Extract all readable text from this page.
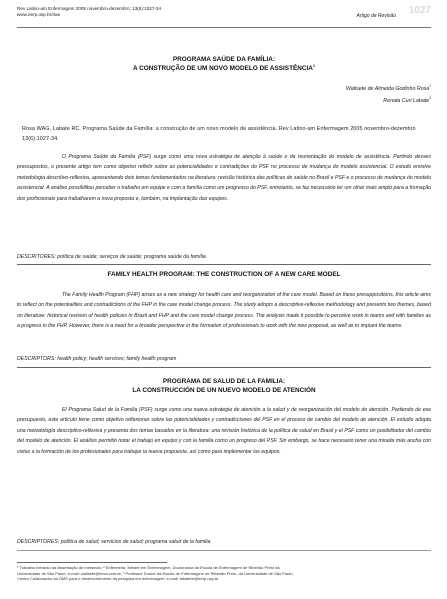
Rev Latino-am Enfermagem 2005 novembro-dezembro; 13(6):1027-34
www.eerp.usp.br/rlae	Artigo de Revisão 1027
PROGRAMA SAÚDE DA FAMÍLIA:
A CONSTRUÇÃO DE UM NOVO MODELO DE ASSISTÊNCIA$^1$
Walisete de Almeida Godinho Rosa$^2$
Renata Curi Labate$^3$
Rosa WAG, Labate RC. Programa Saúde da Família: a construção de um novo modelo de assistência. Rev Latino-am Enfermagem 2005 novembro-dezembro 13(6):1027-34.
O Programa Saúde da Família (PSF) surge como uma nova estratégia de atenção à saúde e de reorientação do modelo de assistência. Partindo desses pressupostos, o presente artigo tem como objetivo refletir sobre as potencialidades e contradições do PSF no processo de mudança do modelo assistencial. O estudo envolve metodologia descritivo-reflexiva, apresentando dois temas fundamentados na literatura: revisão histórica das políticas de saúde no Brasil e PSF e o processo de mudança do modelo assistencial. A análise possibilitou perceber o trabalho em equipe e com a família como um progresso do PSF, entretanto, se faz necessário ter um olhar mais amplo para a formação dos profissionais para trabalharem a nova proposta e, também, na implantação das equipes.
DESCRITORES: política de saúde; serviços de saúde; programa saúde da família
FAMILY HEALTH PROGRAM: THE CONSTRUCTION OF A NEW CARE MODEL
The Family Health Program (FHP) arises as a new strategy for health care and reorganization of the care model. Based on these presuppositions, this article aims to reflect on the potentialities and contradictions of the FHP in the care model change process. The study adopts a descriptive-reflexive methodology and presents two themes, based on literature: historical revision of health policies in Brazil and FHP and the care model change process. The analysis made it possible to perceive work in teams and with families as a progress in the FHP. However, there is a need for a broader perspective in the formation of professionals to work with the new proposal, as well as to implant the teams.
DESCRIPTORS: health policy; health services; family health program
PROGRAMA DE SALUD DE LA FAMILIA:
LA CONSTRUCCIÓN DE UN NUEVO MODELO DE ATENCIÓN
El Programa Salud de la Familia (PSF) surge como una nueva estrategia de atención a la salud y de reorganización del modelo de atención. Partiendo de ese presupuesto, este artículo tiene como objetivo reflexionar sobre las potencialidades y contradicciones del PSF en el proceso de cambio del modelo de atención. El estudio adopta una metodología descriptivo-reflexiva y presenta dos temas basados en la literatura: una revisión histórica de la política de salud en Brasil y el PSF como un posibilitador del cambio del modelo de atención. El análisis permitió notar el trabajo en equipo y con la familia como un progreso del PSF. Sin embargo, se hace necesario tener una mirada más ancha con vistas a la formación de los profesionales para trabajar la nueva propuesta, así como para implementar los equipos.
DESCRIPTORES: política de salud; servicios de salud; programa salud de la familia
¹ Trabalho extraído da dissertação de mestrado; ² Enfermeira, Mestre em Enfermagem, Doutoranda da Escola de Enfermagem de Ribeirão Preto da
Universidade de São Paulo, e-mail: walisete@terra.com.br; ³ Professor Doutor da Escola de Enfermagem de Ribeirão Preto, da Universidade de São Paulo,
Centro Colaborador da OMS para o desenvolvimento da pesquisa em enfermagem, e-mail: labatere@eerp.usp.br
